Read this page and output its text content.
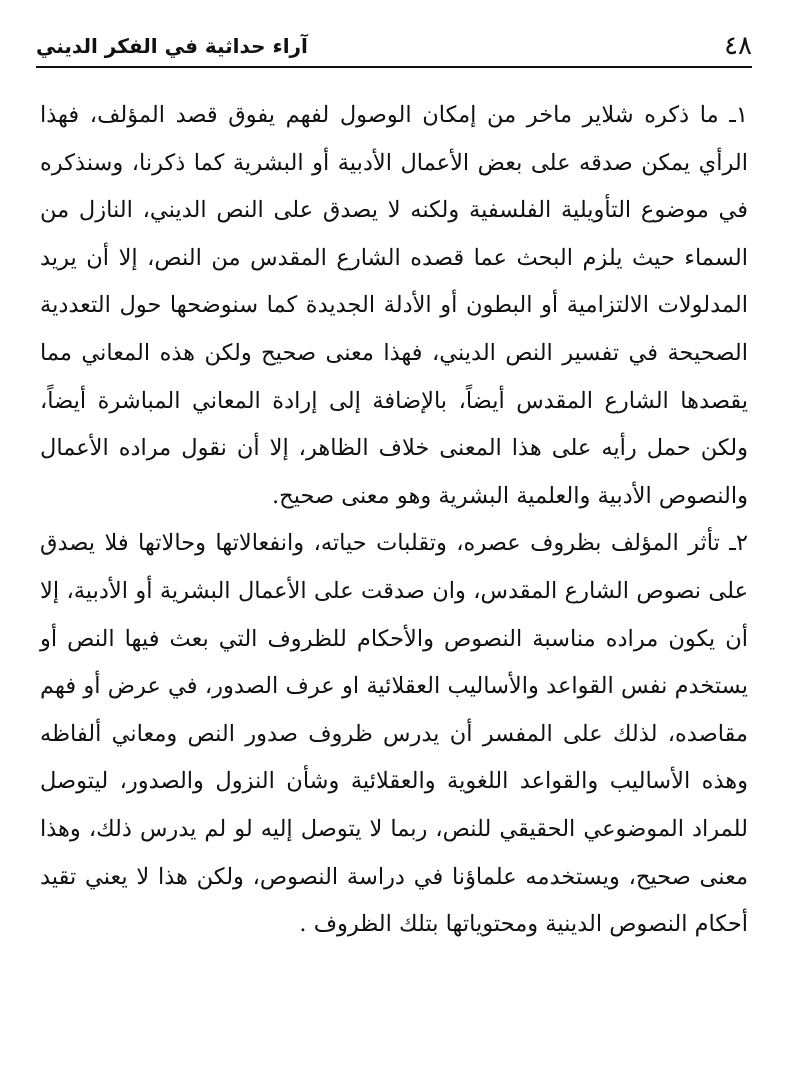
٤٨
آراء حداثية في الفكر الديني

١ـ ما ذكره شلاير ماخر من إمكان الوصول لفهم يفوق قصد المؤلف، فهذا الرأي يمكن صدقه على بعض الأعمال الأدبية أو البشرية كما ذكرنا، وسنذكره في موضوع التأويلية الفلسفية ولكنه لا يصدق على النص الديني، النازل من السماء حيث يلزم البحث عما قصده الشارع المقدس من النص، إلا أن يريد المدلولات الالتزامية أو البطون أو الأدلة الجديدة كما سنوضحها حول التعددية الصحيحة في تفسير النص الديني، فهذا معنى صحيح ولكن هذه المعاني مما يقصدها الشارع المقدس أيضاً، بالإضافة إلى إرادة المعاني المباشرة أيضاً، ولكن حمل رأيه على هذا المعنى خلاف الظاهر، إلا أن نقول مراده الأعمال والنصوص الأدبية والعلمية البشرية وهو معنى صحيح.

٢ـ تأثر المؤلف بظروف عصره، وتقلبات حياته، وانفعالاتها وحالاتها فلا يصدق على نصوص الشارع المقدس، وان صدقت على الأعمال البشرية أو الأدبية، إلا أن يكون مراده مناسبة النصوص والأحكام للظروف التي بعث فيها النص أو يستخدم نفس القواعد والأساليب العقلائية او عرف الصدور، في عرض أو فهم مقاصده، لذلك على المفسر أن يدرس ظروف صدور النص ومعاني ألفاظه وهذه الأساليب والقواعد اللغوية والعقلائية وشأن النزول والصدور، ليتوصل للمراد الموضوعي الحقيقي للنص، ربما لا يتوصل إليه لو لم يدرس ذلك، وهذا معنى صحيح، ويستخدمه علماؤنا في دراسة النصوص، ولكن هذا لا يعني تقيد أحكام النصوص الدينية ومحتوياتها بتلك الظروف .
